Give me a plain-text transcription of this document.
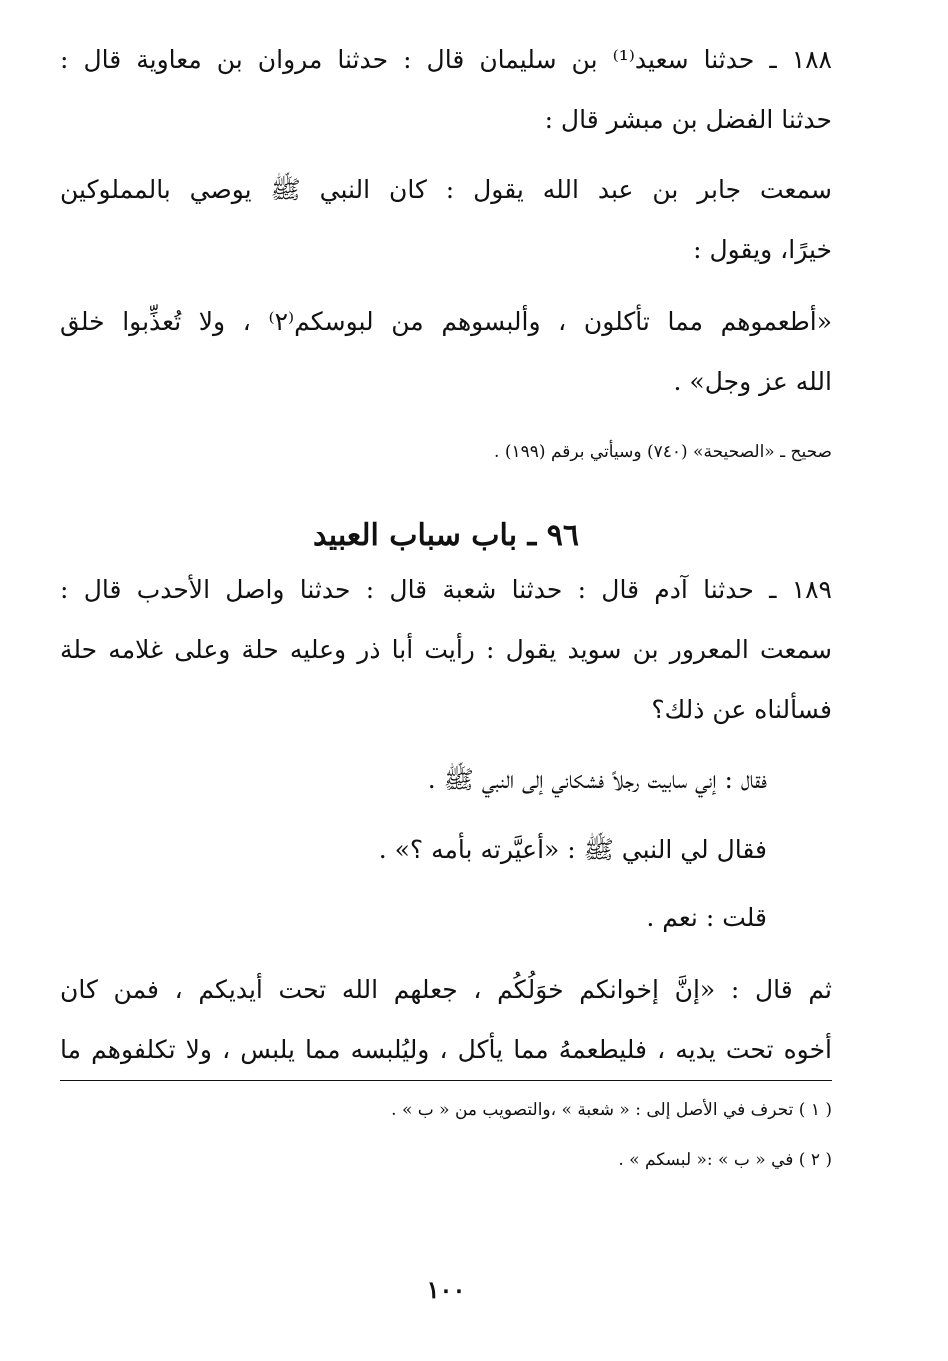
١٨٨ ـ حدثنا سعيد⁽¹⁾ بن سليمان قال : حدثنا مروان بن معاوية قال :
حدثنا الفضل بن مبشر قال :
سمعت جابر بن عبد الله يقول : كان النبي ﷺ يوصي بالمملوكين
خيرًا، ويقول :
«أطعموهم مما تأكلون ، وألبسوهم من لبوسكم⁽٢⁾ ، ولا تُعذِّبوا خلق
الله عز وجل» .
صحيح ـ «الصحيحة» (٧٤٠) وسيأتي برقم (١٩٩) .
٩٦ ـ باب سباب العبيد
١٨٩ ـ حدثنا آدم قال : حدثنا شعبة قال : حدثنا واصل الأحدب قال :
سمعت المعرور بن سويد يقول : رأيت أبا ذر وعليه حلة وعلى غلامه حلة
فسألناه عن ذلك؟
فقال : إني سابيت رجلاً فشكاني إلى النبي ﷺ .
فقال لي النبي ﷺ : «أعيَّرته بأمه ؟» .
قلت : نعم .
ثم قال : «إنَّ إخوانكم خوَلُكُم ، جعلهم الله تحت أيديكم ، فمن كان
أخوه تحت يديه ، فليطعمهُ مما يأكل ، وليُلبسه مما يلبس ، ولا تكلفوهم ما
( ١ ) تحرف في الأصل إلى : « شعبة » ،والتصويب من « ب » .
( ٢ ) في « ب » :« لبسكم » .
١٠٠
